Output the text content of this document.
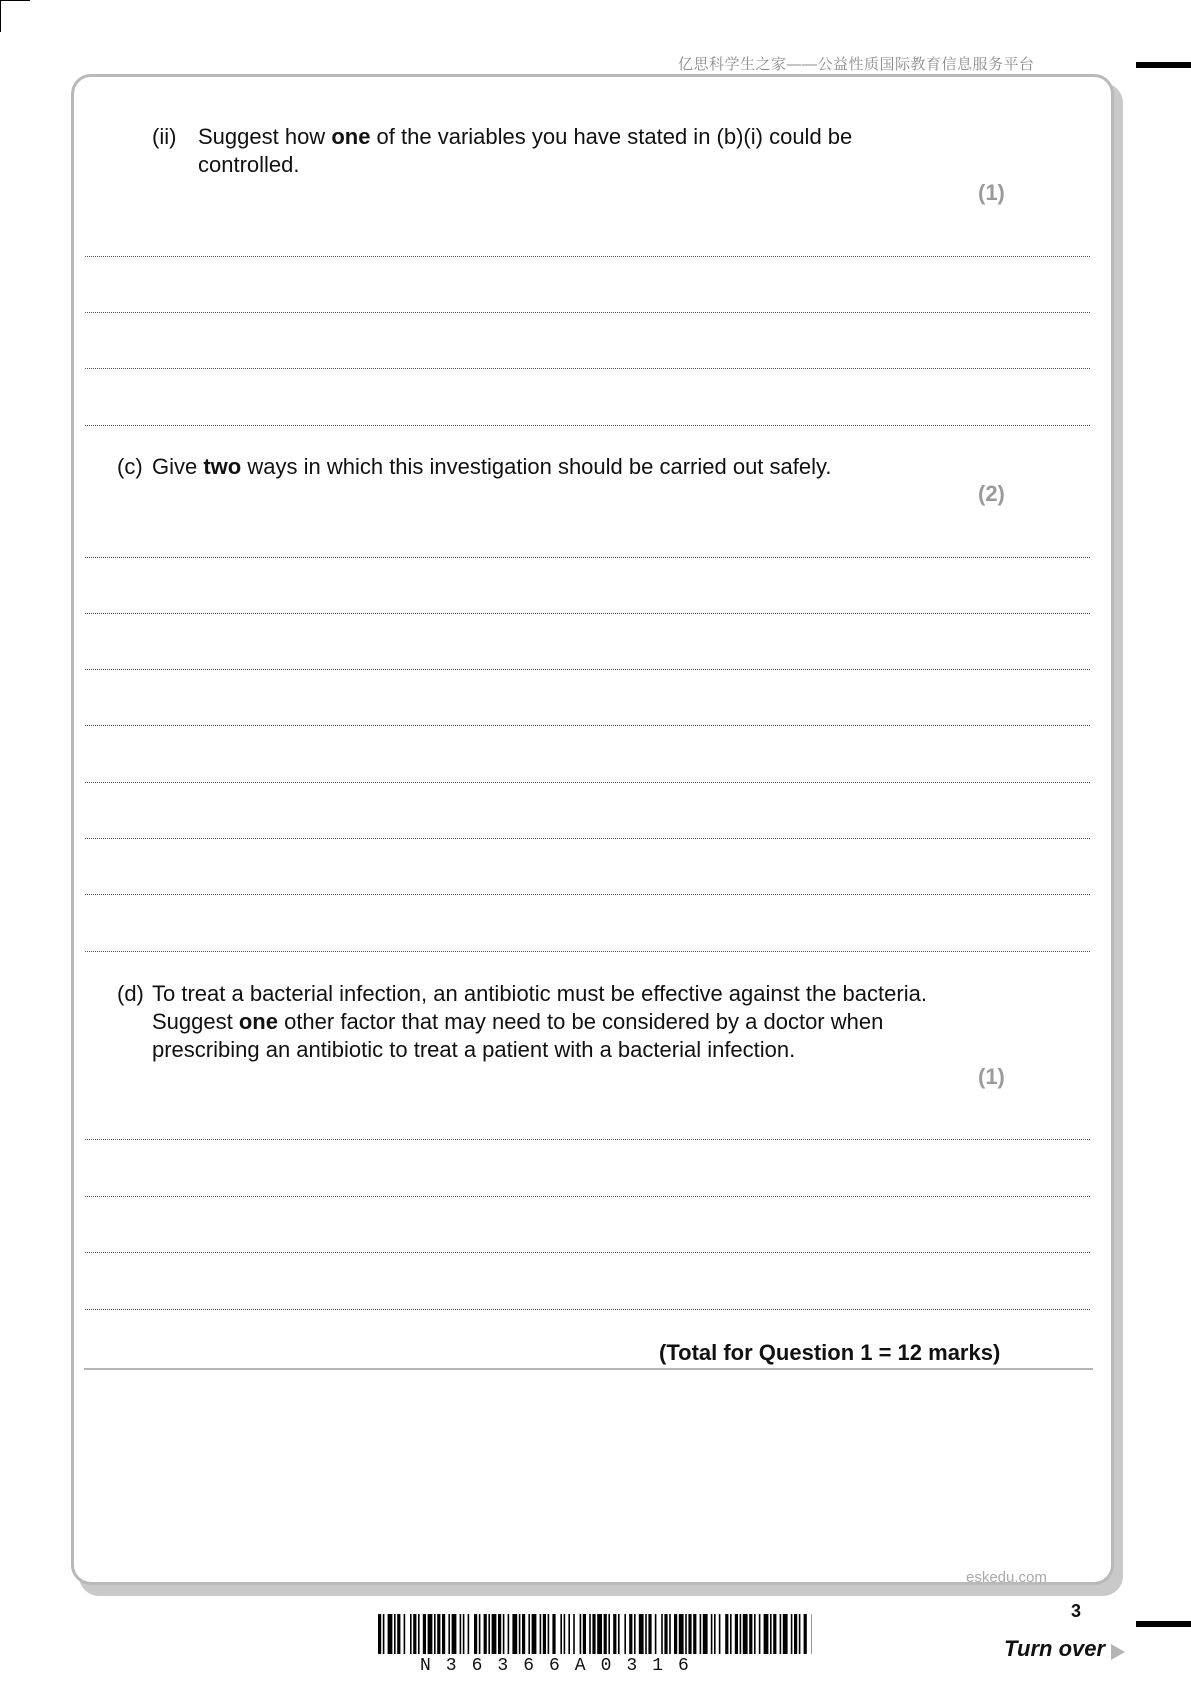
亿思科学生之家——公益性质国际教育信息服务平台
(ii) Suggest how one of the variables you have stated in (b)(i) could be
controlled.
(1)
(c) Give two ways in which this investigation should be carried out safely.
(2)
(d) To treat a bacterial infection, an antibiotic must be effective against the bacteria.
Suggest one other factor that may need to be considered by a doctor when
prescribing an antibiotic to treat a patient with a bacterial infection.
(1)
(Total for Question 1 = 12 marks)
eskedu.com
3
Turn over
N36366A0316
